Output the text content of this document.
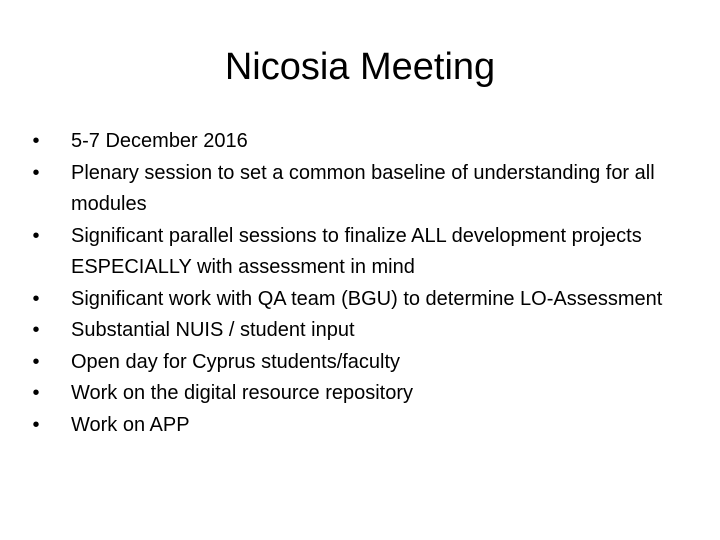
Nicosia Meeting
• 5-7 December 2016
• Plenary session to set a common baseline of understanding for all modules
• Significant parallel sessions to finalize ALL development projects ESPECIALLY with assessment in mind
• Significant work with QA team (BGU) to determine LO-Assessment
• Substantial NUIS / student input
• Open day for Cyprus students/faculty
• Work on the digital resource repository
• Work on APP
